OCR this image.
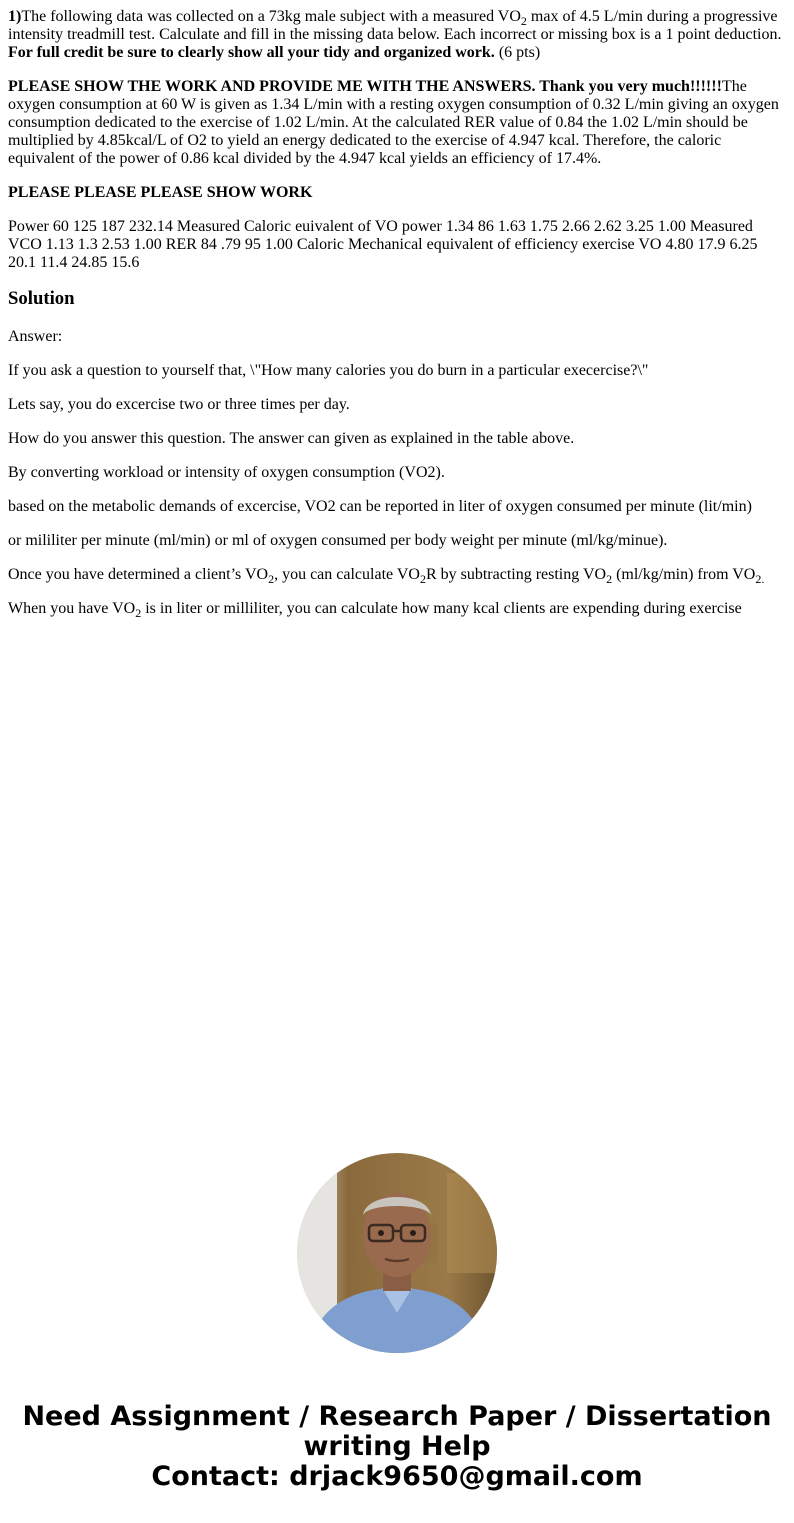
1)The following data was collected on a 73kg male subject with a measured $VO_2$ max of 4.5 L/min during a progressive intensity treadmill test. Calculate and fill in the missing data below. Each incorrect or missing box is a 1 point deduction. For full credit be sure to clearly show all your tidy and organized work. (6 pts)

PLEASE SHOW THE WORK AND PROVIDE ME WITH THE ANSWERS. Thank you very much!!!!!!The oxygen consumption at 60 W is given as 1.34 L/min with a resting oxygen consumption of 0.32 L/min giving an oxygen consumption dedicated to the exercise of 1.02 L/min. At the calculated RER value of 0.84 the 1.02 L/min should be multiplied by 4.85kcal/L of O2 to yield an energy dedicated to the exercise of 4.947 kcal. Therefore, the caloric equivalent of the power of 0.86 kcal divided by the 4.947 kcal yields an efficiency of 17.4%.

PLEASE PLEASE PLEASE SHOW WORK

Power 60 125 187 232.14 Measured Caloric euivalent of VO power 1.34 86 1.63 1.75 2.66 2.62 3.25 1.00 Measured VCO 1.13 1.3 2.53 1.00 RER 84 .79 95 1.00 Caloric Mechanical equivalent of efficiency exercise VO 4.80 17.9 6.25 20.1 11.4 24.85 15.6

Solution

Answer:

If you ask a question to yourself that, \"How many calories you do burn in a particular execercise?\"

Lets say, you do excercise two or three times per day.

How do you answer this question. The answer can given as explained in the table above.

By converting workload or intensity of oxygen consumption (VO2).

based on the metabolic demands of excercise, VO2 can be reported in liter of oxygen consumed per minute (lit/min)

or mililiter per minute (ml/min) or ml of oxygen consumed per body weight per minute (ml/kg/minue).

Once you have determined a client’s $VO_2$, you can calculate $VO_2R$ by subtracting resting $VO_2$ (ml/kg/min) from $VO_{2.}$

When you have $VO_2$ is in liter or milliliter, you can calculate how many kcal clients are expending during exercise

Need Assignment / Research Paper / Dissertation
writing Help
Contact: drjack9650@gmail.com
